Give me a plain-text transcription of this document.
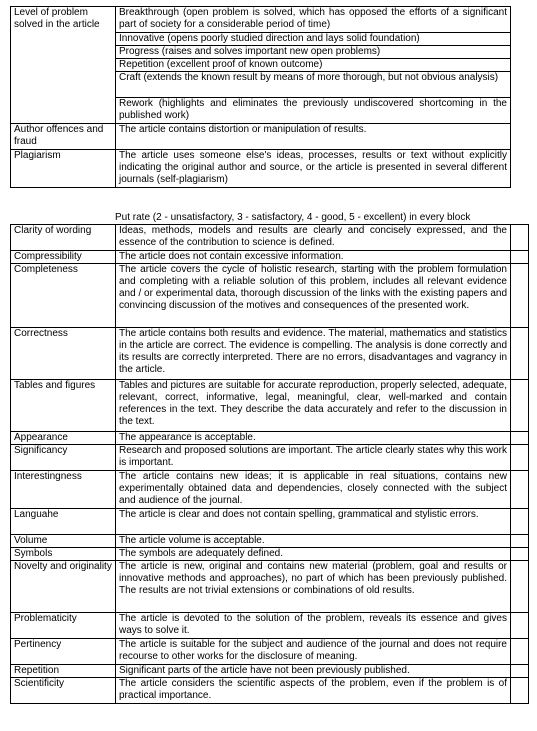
Level of problem solved in the article	Breakthrough (open problem is solved, which has opposed the efforts of a significant part of society for a considerable period of time)
	Innovative (opens poorly studied direction and lays solid foundation)
	Progress (raises and solves important new open problems)
	Repetition (excellent proof of known outcome)
	Craft (extends the known result by means of more thorough, but not obvious analysis)
	Rework (highlights and eliminates the previously undiscovered shortcoming in the published work)
Author offences and fraud	The article contains distortion or manipulation of results.
Plagiarism	The article uses someone else's ideas, processes, results or text without explicitly indicating the original author and source, or the article is presented in several different journals (self-plagiarism)
Put rate (2 - unsatisfactory, 3 - satisfactory, 4 - good, 5 - excellent) in every block
Clarity of wording	Ideas, methods, models and results are clearly and concisely expressed, and the essence of the contribution to science is defined.	
Compressibility	The article does not contain excessive information.	
Completeness	The article covers the cycle of holistic research, starting with the problem formulation and completing with a reliable solution of this problem, includes all relevant evidence and / or experimental data, thorough discussion of the links with the existing papers and convincing discussion of the motives and consequences of the presented work.	
Correctness	The article contains both results and evidence. The material, mathematics and statistics in the article are correct. The evidence is compelling. The analysis is done correctly and its results are correctly interpreted. There are no errors, disadvantages and vagrancy in the article.	
Tables and figures	Tables and pictures are suitable for accurate reproduction, properly selected, adequate, relevant, correct, informative, legal, meaningful, clear, well-marked and contain references in the text. They describe the data accurately and refer to the discussion in the text.	
Appearance	The appearance is acceptable.	
Significancy	Research and proposed solutions are important. The article clearly states why this work is important.	
Interestingness	The article contains new ideas; it is applicable in real situations, contains new experimentally obtained data and dependencies, closely connected with the subject and audience of the journal.	
Languahe	The article is clear and does not contain spelling, grammatical and stylistic errors.	
Volume	The article volume is acceptable.	
Symbols	The symbols are adequately defined.	
Novelty and originality	The article is new, original and contains new material (problem, goal and results or innovative methods and approaches), no part of which has been previously published. The results are not trivial extensions or combinations of old results.	
Problematicity	The article is devoted to the solution of the problem, reveals its essence and gives ways to solve it.	
Pertinency	The article is suitable for the subject and audience of the journal and does not require recourse to other works for the disclosure of meaning.	
Repetition	Significant parts of the article have not been previously published.	
Scientificity	The article considers the scientific aspects of the problem, even if the problem is of practical importance.	
